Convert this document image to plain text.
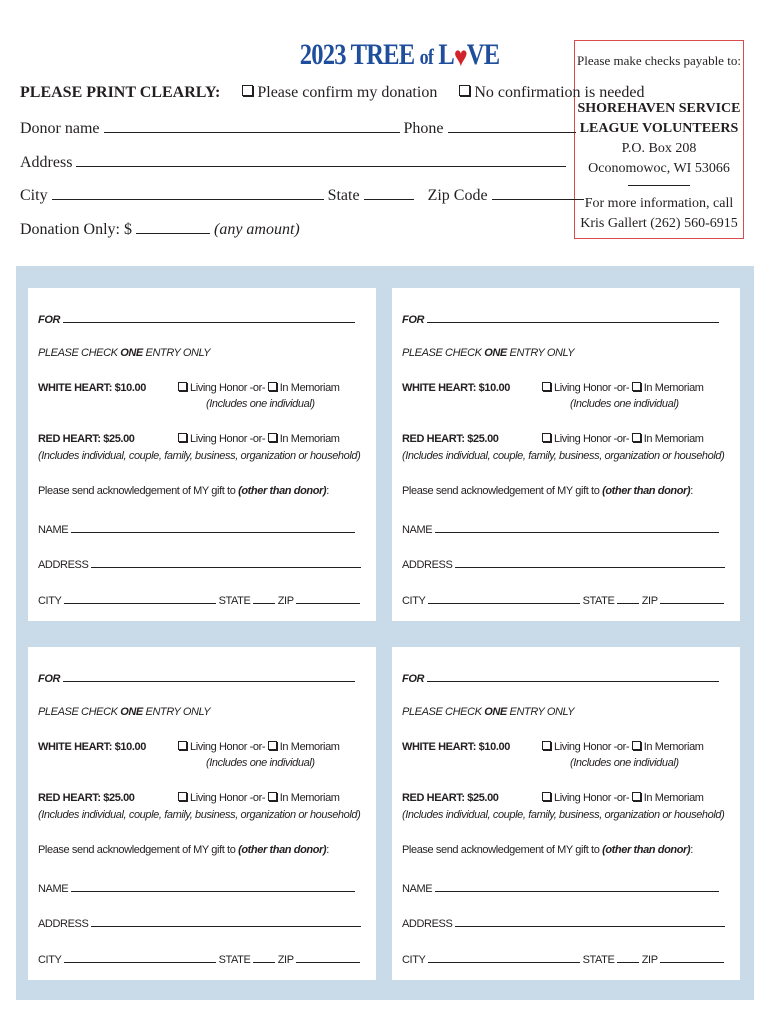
2023 TREE of L♥VE	Please make checks payable to:
SHOREHAVEN SERVICE
LEAGUE VOLUNTEERS
P.O. Box 208
Oconomowoc, WI 53066
For more information, call
Kris Gallert (262) 560-6915
PLEASE PRINT CLEARLY: Please confirm my donation No confirmation is needed
Donor name	Phone
Address
City	State	Zip Code
Donation Only: $	(any amount)
FOR
PLEASE CHECK ONE ENTRY ONLY
WHITE HEART: $10.00	Living Honor -or- In Memoriam
(Includes one individual)
RED HEART: $25.00	Living Honor -or- In Memoriam
(Includes individual, couple, family, business, organization or household)
Please send acknowledgement of MY gift to (other than donor):
NAME
ADDRESS
CITY	STATE ZIP
FOR
PLEASE CHECK ONE ENTRY ONLY
WHITE HEART: $10.00	Living Honor -or- In Memoriam
(Includes one individual)
RED HEART: $25.00	Living Honor -or- In Memoriam
(Includes individual, couple, family, business, organization or household)
Please send acknowledgement of MY gift to (other than donor):
NAME
ADDRESS
CITY	STATE ZIP
FOR
PLEASE CHECK ONE ENTRY ONLY
WHITE HEART: $10.00	Living Honor -or- In Memoriam
(Includes one individual)
RED HEART: $25.00	Living Honor -or- In Memoriam
(Includes individual, couple, family, business, organization or household)
Please send acknowledgement of MY gift to (other than donor):
NAME
ADDRESS
CITY	STATE ZIP
FOR
PLEASE CHECK ONE ENTRY ONLY
WHITE HEART: $10.00	Living Honor -or- In Memoriam
(Includes one individual)
RED HEART: $25.00	Living Honor -or- In Memoriam
(Includes individual, couple, family, business, organization or household)
Please send acknowledgement of MY gift to (other than donor):
NAME
ADDRESS
CITY	STATE ZIP
